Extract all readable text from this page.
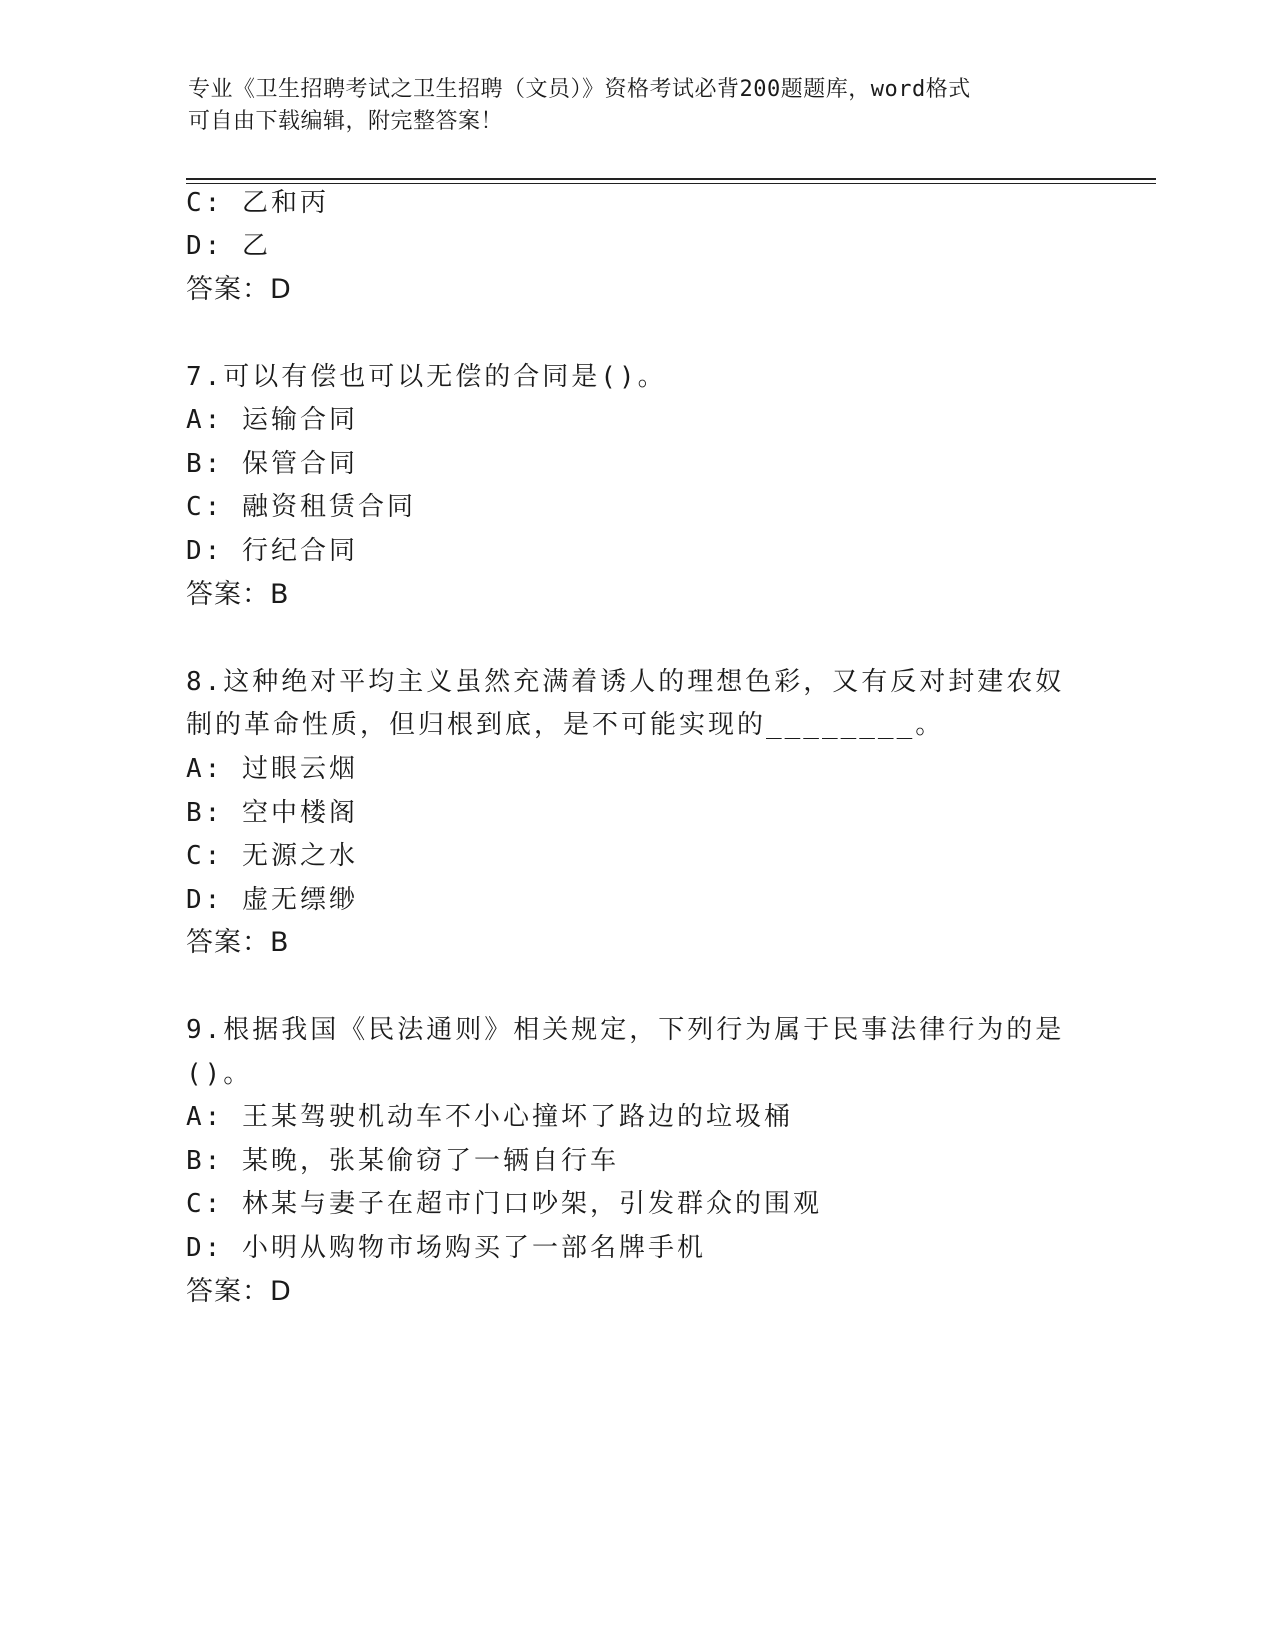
专业《卫生招聘考试之卫生招聘（文员）》资格考试必背200题题库，word格式
可自由下载编辑，附完整答案！
C: 乙和丙
D: 乙
答案：D
7.可以有偿也可以无偿的合同是()。
A: 运输合同
B: 保管合同
C: 融资租赁合同
D: 行纪合同
答案：B
8.这种绝对平均主义虽然充满着诱人的理想色彩，又有反对封建农奴
制的革命性质，但归根到底，是不可能实现的________。
A: 过眼云烟
B: 空中楼阁
C: 无源之水
D: 虚无缥缈
答案：B
9.根据我国《民法通则》相关规定，下列行为属于民事法律行为的是
()。
A: 王某驾驶机动车不小心撞坏了路边的垃圾桶
B: 某晚，张某偷窃了一辆自行车
C: 林某与妻子在超市门口吵架，引发群众的围观
D: 小明从购物市场购买了一部名牌手机
答案：D
